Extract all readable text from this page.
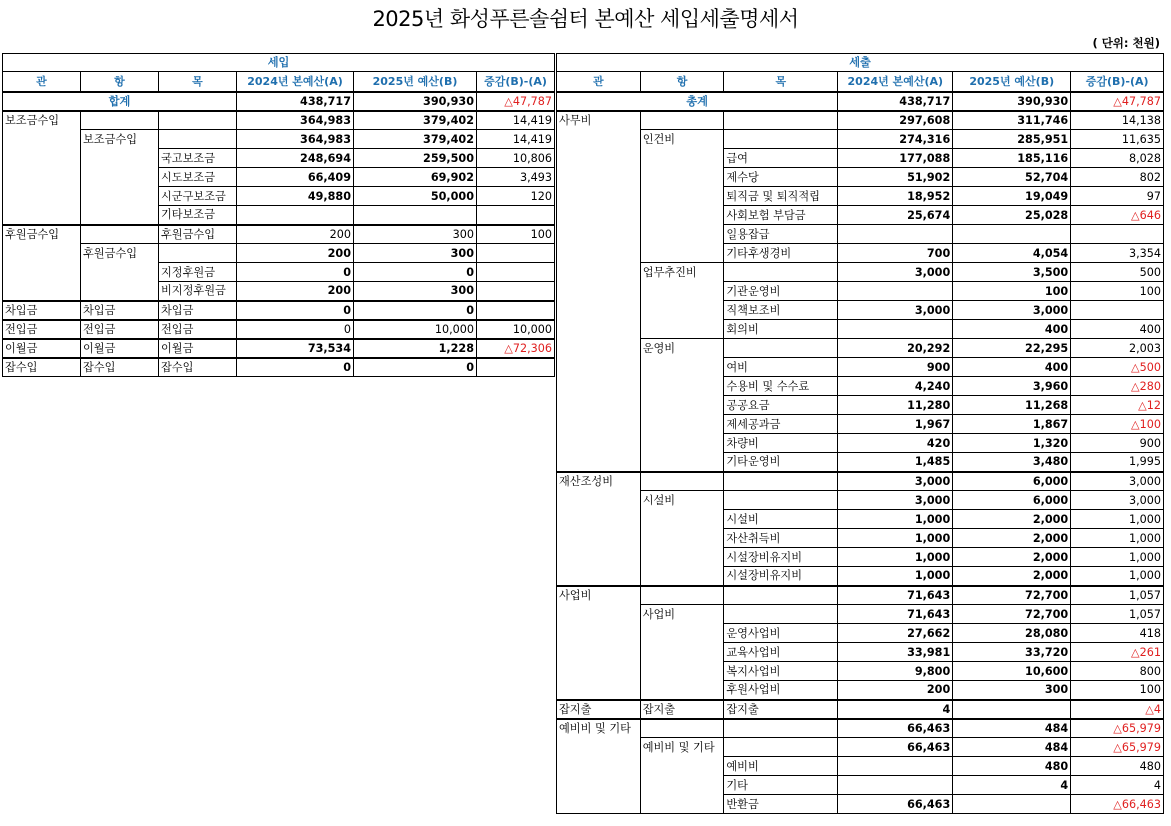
2025년 화성푸른솔쉼터 본예산 세입세출명세서
( 단위: 천원)
세입					
관	항	목	2024년 본예산(A)	2025년 예산(B)	증감(B)-(A)
합계			438,717	390,930	△47,787
보조금수입			364,983	379,402	14,419
	보조금수입		364,983	379,402	14,419
		국고보조금	248,694	259,500	10,806
		시도보조금	66,409	69,902	3,493
		시군구보조금	49,880	50,000	120
		기타보조금			
후원금수입		후원금수입	200	300	100
	후원금수입		200	300	
		지정후원금	0	0	
		비지정후원금	200	300	
차입금	차입금	차입금	0	0	
전입금	전입금	전입금	0	10,000	10,000
이월금	이월금	이월금	73,534	1,228	△72,306
잡수입	잡수입	잡수입	0	0	
세출					
관	항	목	2024년 본예산(A)	2025년 예산(B)	증감(B)-(A)
총계			438,717	390,930	△47,787
사무비			297,608	311,746	14,138
	인건비		274,316	285,951	11,635
		급여	177,088	185,116	8,028
		제수당	51,902	52,704	802
		퇴직금 및 퇴직적립	18,952	19,049	97
		사회보험 부담금	25,674	25,028	△646
		일용잡급			
		기타후생경비	700	4,054	3,354
	업무추진비		3,000	3,500	500
		기관운영비		100	100
		직책보조비	3,000	3,000	
		회의비		400	400
	운영비		20,292	22,295	2,003
		여비	900	400	△500
		수용비 및 수수료	4,240	3,960	△280
		공공요금	11,280	11,268	△12
		제세공과금	1,967	1,867	△100
		차량비	420	1,320	900
		기타운영비	1,485	3,480	1,995
재산조성비			3,000	6,000	3,000
	시설비		3,000	6,000	3,000
		시설비	1,000	2,000	1,000
		자산취득비	1,000	2,000	1,000
		시설장비유지비	1,000	2,000	1,000
		시설장비유지비	1,000	2,000	1,000
사업비			71,643	72,700	1,057
	사업비		71,643	72,700	1,057
		운영사업비	27,662	28,080	418
		교육사업비	33,981	33,720	△261
		복지사업비	9,800	10,600	800
		후원사업비	200	300	100
잡지출	잡지출	잡지출	4		△4
예비비 및 기타			66,463	484	△65,979
	예비비 및 기타		66,463	484	△65,979
		예비비		480	480
		기타		4	4
		반환금	66,463		△66,463
